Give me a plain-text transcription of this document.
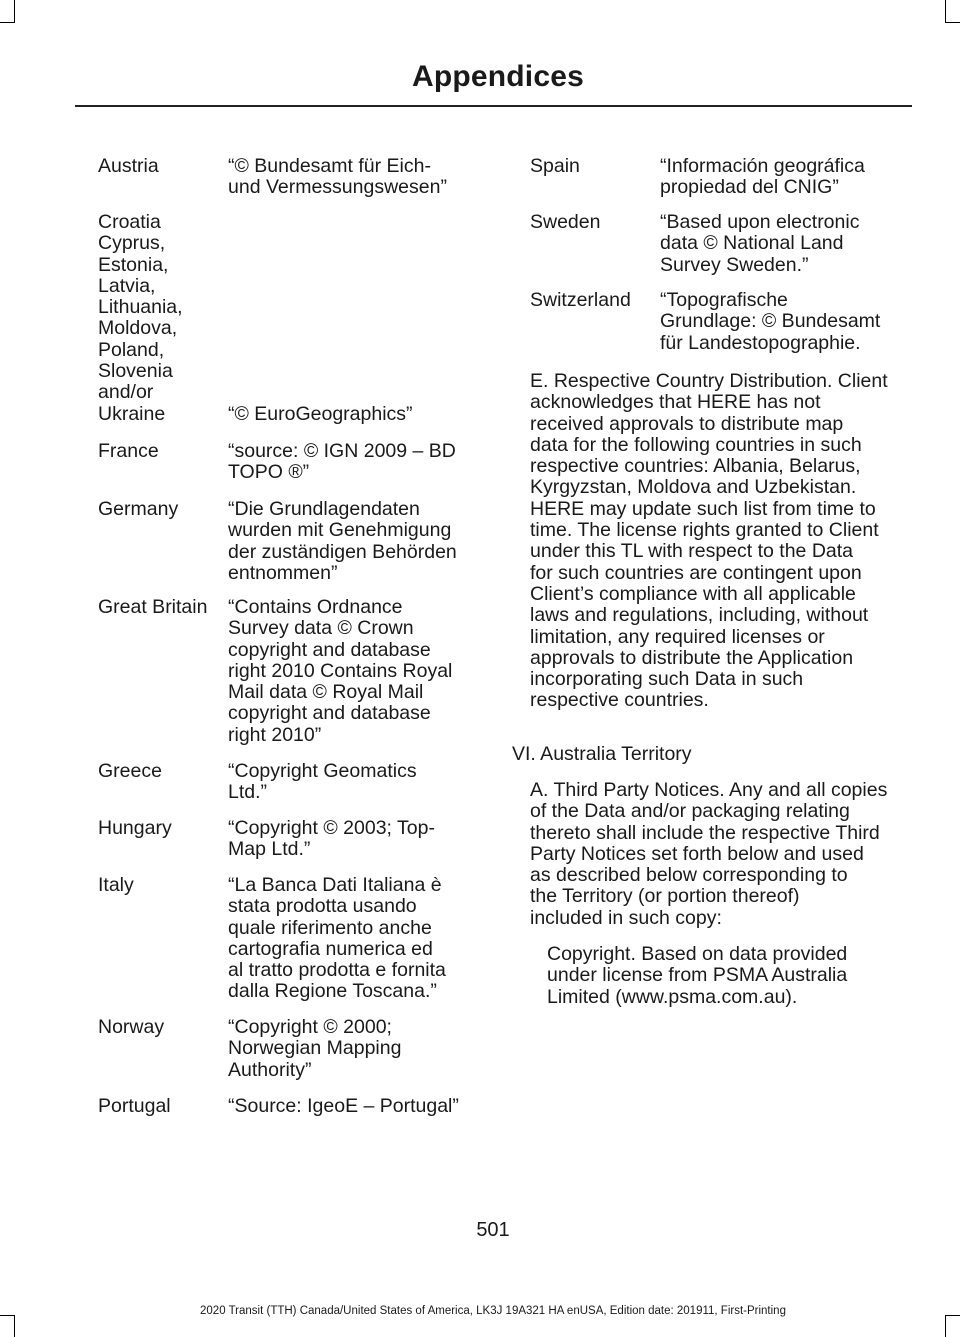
Appendices
Austria	“© Bundesamt für Eich-
und Vermessungswesen”
Croatia
Cyprus,
Estonia,
Latvia,
Lithuania,
Moldova,
Poland,
Slovenia
and/or
Ukraine	“© EuroGeographics”
France	“source: © IGN 2009 – BD
TOPO ®”
Germany	“Die Grundlagendaten
wurden mit Genehmigung
der zuständigen Behörden
entnommen”
Great Britain	“Contains Ordnance
Survey data © Crown
copyright and database
right 2010 Contains Royal
Mail data © Royal Mail
copyright and database
right 2010”
Greece	“Copyright Geomatics
Ltd.”
Hungary	“Copyright © 2003; Top-
Map Ltd.”
Italy	“La Banca Dati Italiana è
stata prodotta usando
quale riferimento anche
cartografia numerica ed
al tratto prodotta e fornita
dalla Regione Toscana.”
Norway	“Copyright © 2000;
Norwegian Mapping
Authority”
Portugal	“Source: IgeoE – Portugal”
Spain	“Información geográfica
propiedad del CNIG”
Sweden	“Based upon electronic
data © National Land
Survey Sweden.”
Switzerland	“Topografische
Grundlage: © Bundesamt
für Landestopographie.
E. Respective Country Distribution. Client
acknowledges that HERE has not
received approvals to distribute map
data for the following countries in such
respective countries: Albania, Belarus,
Kyrgyzstan, Moldova and Uzbekistan.
HERE may update such list from time to
time. The license rights granted to Client
under this TL with respect to the Data
for such countries are contingent upon
Client’s compliance with all applicable
laws and regulations, including, without
limitation, any required licenses or
approvals to distribute the Application
incorporating such Data in such
respective countries.
VI. Australia Territory
A. Third Party Notices. Any and all copies
of the Data and/or packaging relating
thereto shall include the respective Third
Party Notices set forth below and used
as described below corresponding to
the Territory (or portion thereof)
included in such copy:
Copyright. Based on data provided
under license from PSMA Australia
Limited (www.psma.com.au).
501
2020 Transit (TTH) Canada/United States of America, LK3J 19A321 HA enUSA, Edition date: 201911, First-Printing
